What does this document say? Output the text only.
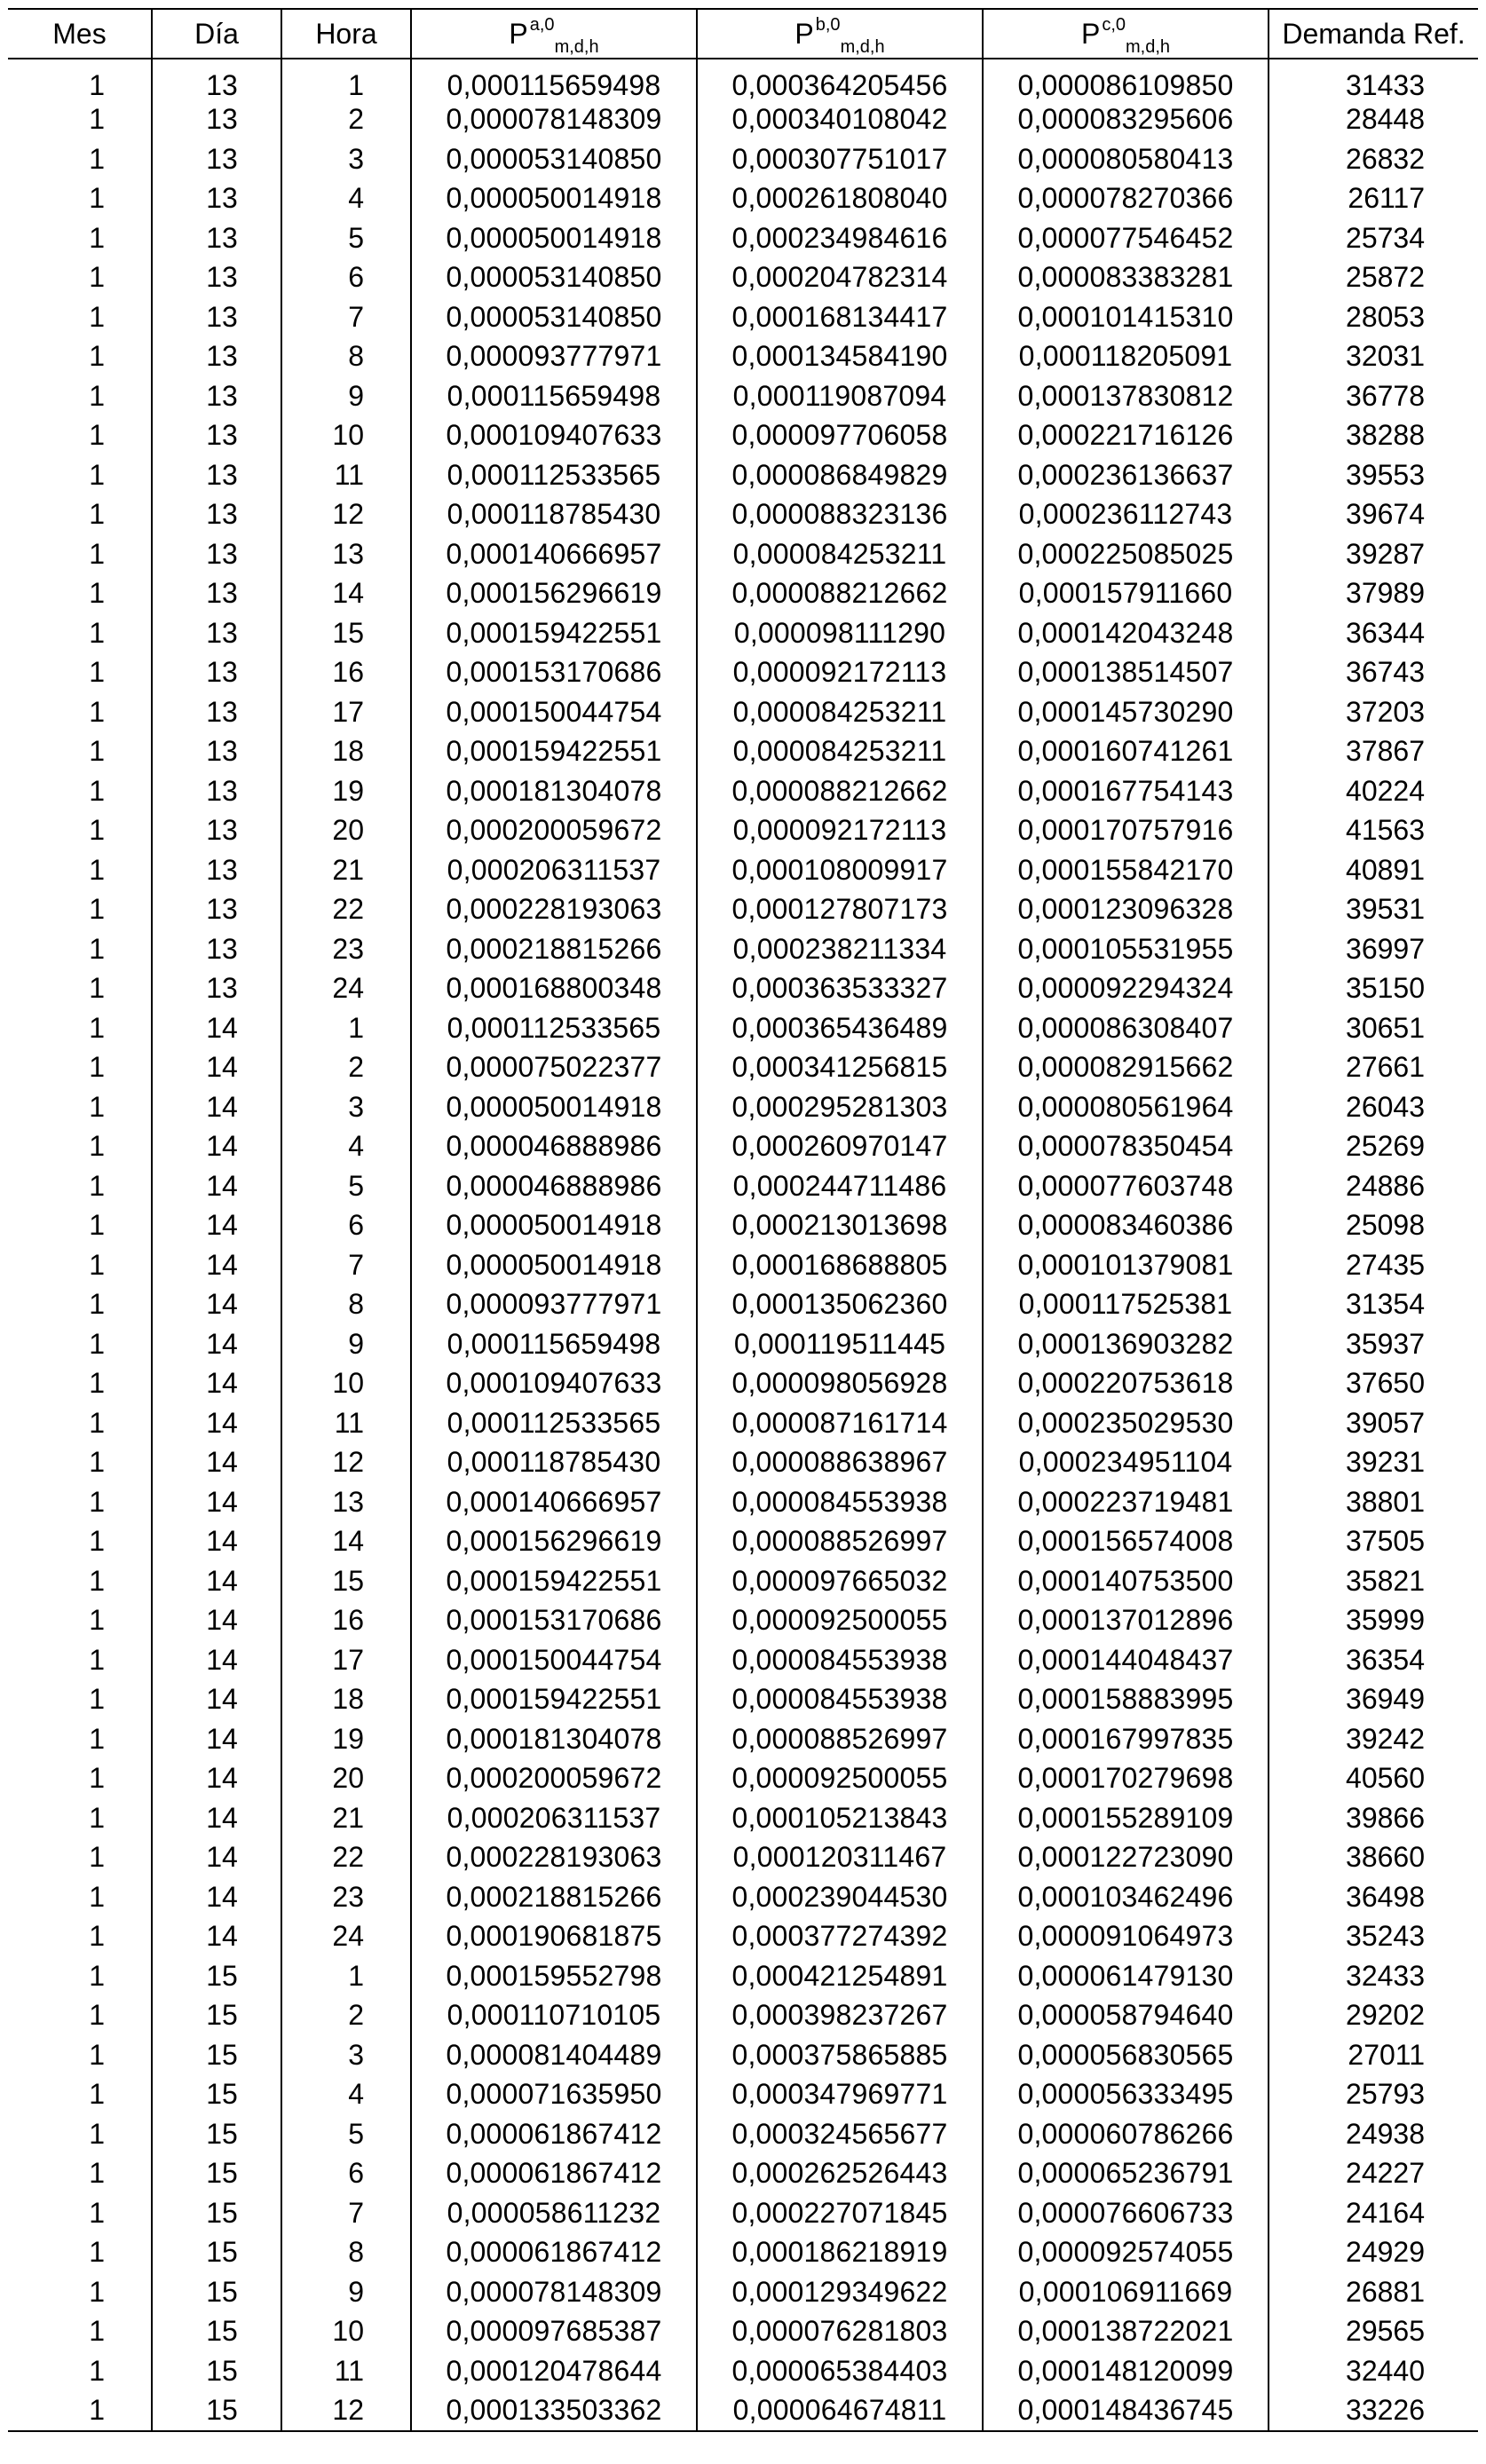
Mes	Día	Hora	P $^{a,0}_{m,d,h}$	P $^{b,0}_{m,d,h}$	P $^{c,0}_{m,d,h}$	Demanda Ref.
1	13	1	0,000115659498	0,000364205456	0,000086109850	31433
1	13	2	0,000078148309	0,000340108042	0,000083295606	28448
1	13	3	0,000053140850	0,000307751017	0,000080580413	26832
1	13	4	0,000050014918	0,000261808040	0,000078270366	26117
1	13	5	0,000050014918	0,000234984616	0,000077546452	25734
1	13	6	0,000053140850	0,000204782314	0,000083383281	25872
1	13	7	0,000053140850	0,000168134417	0,000101415310	28053
1	13	8	0,000093777971	0,000134584190	0,000118205091	32031
1	13	9	0,000115659498	0,000119087094	0,000137830812	36778
1	13	10	0,000109407633	0,000097706058	0,000221716126	38288
1	13	11	0,000112533565	0,000086849829	0,000236136637	39553
1	13	12	0,000118785430	0,000088323136	0,000236112743	39674
1	13	13	0,000140666957	0,000084253211	0,000225085025	39287
1	13	14	0,000156296619	0,000088212662	0,000157911660	37989
1	13	15	0,000159422551	0,000098111290	0,000142043248	36344
1	13	16	0,000153170686	0,000092172113	0,000138514507	36743
1	13	17	0,000150044754	0,000084253211	0,000145730290	37203
1	13	18	0,000159422551	0,000084253211	0,000160741261	37867
1	13	19	0,000181304078	0,000088212662	0,000167754143	40224
1	13	20	0,000200059672	0,000092172113	0,000170757916	41563
1	13	21	0,000206311537	0,000108009917	0,000155842170	40891
1	13	22	0,000228193063	0,000127807173	0,000123096328	39531
1	13	23	0,000218815266	0,000238211334	0,000105531955	36997
1	13	24	0,000168800348	0,000363533327	0,000092294324	35150
1	14	1	0,000112533565	0,000365436489	0,000086308407	30651
1	14	2	0,000075022377	0,000341256815	0,000082915662	27661
1	14	3	0,000050014918	0,000295281303	0,000080561964	26043
1	14	4	0,000046888986	0,000260970147	0,000078350454	25269
1	14	5	0,000046888986	0,000244711486	0,000077603748	24886
1	14	6	0,000050014918	0,000213013698	0,000083460386	25098
1	14	7	0,000050014918	0,000168688805	0,000101379081	27435
1	14	8	0,000093777971	0,000135062360	0,000117525381	31354
1	14	9	0,000115659498	0,000119511445	0,000136903282	35937
1	14	10	0,000109407633	0,000098056928	0,000220753618	37650
1	14	11	0,000112533565	0,000087161714	0,000235029530	39057
1	14	12	0,000118785430	0,000088638967	0,000234951104	39231
1	14	13	0,000140666957	0,000084553938	0,000223719481	38801
1	14	14	0,000156296619	0,000088526997	0,000156574008	37505
1	14	15	0,000159422551	0,000097665032	0,000140753500	35821
1	14	16	0,000153170686	0,000092500055	0,000137012896	35999
1	14	17	0,000150044754	0,000084553938	0,000144048437	36354
1	14	18	0,000159422551	0,000084553938	0,000158883995	36949
1	14	19	0,000181304078	0,000088526997	0,000167997835	39242
1	14	20	0,000200059672	0,000092500055	0,000170279698	40560
1	14	21	0,000206311537	0,000105213843	0,000155289109	39866
1	14	22	0,000228193063	0,000120311467	0,000122723090	38660
1	14	23	0,000218815266	0,000239044530	0,000103462496	36498
1	14	24	0,000190681875	0,000377274392	0,000091064973	35243
1	15	1	0,000159552798	0,000421254891	0,000061479130	32433
1	15	2	0,000110710105	0,000398237267	0,000058794640	29202
1	15	3	0,000081404489	0,000375865885	0,000056830565	27011
1	15	4	0,000071635950	0,000347969771	0,000056333495	25793
1	15	5	0,000061867412	0,000324565677	0,000060786266	24938
1	15	6	0,000061867412	0,000262526443	0,000065236791	24227
1	15	7	0,000058611232	0,000227071845	0,000076606733	24164
1	15	8	0,000061867412	0,000186218919	0,000092574055	24929
1	15	9	0,000078148309	0,000129349622	0,000106911669	26881
1	15	10	0,000097685387	0,000076281803	0,000138722021	29565
1	15	11	0,000120478644	0,000065384403	0,000148120099	32440
1	15	12	0,000133503362	0,000064674811	0,000148436745	33226
